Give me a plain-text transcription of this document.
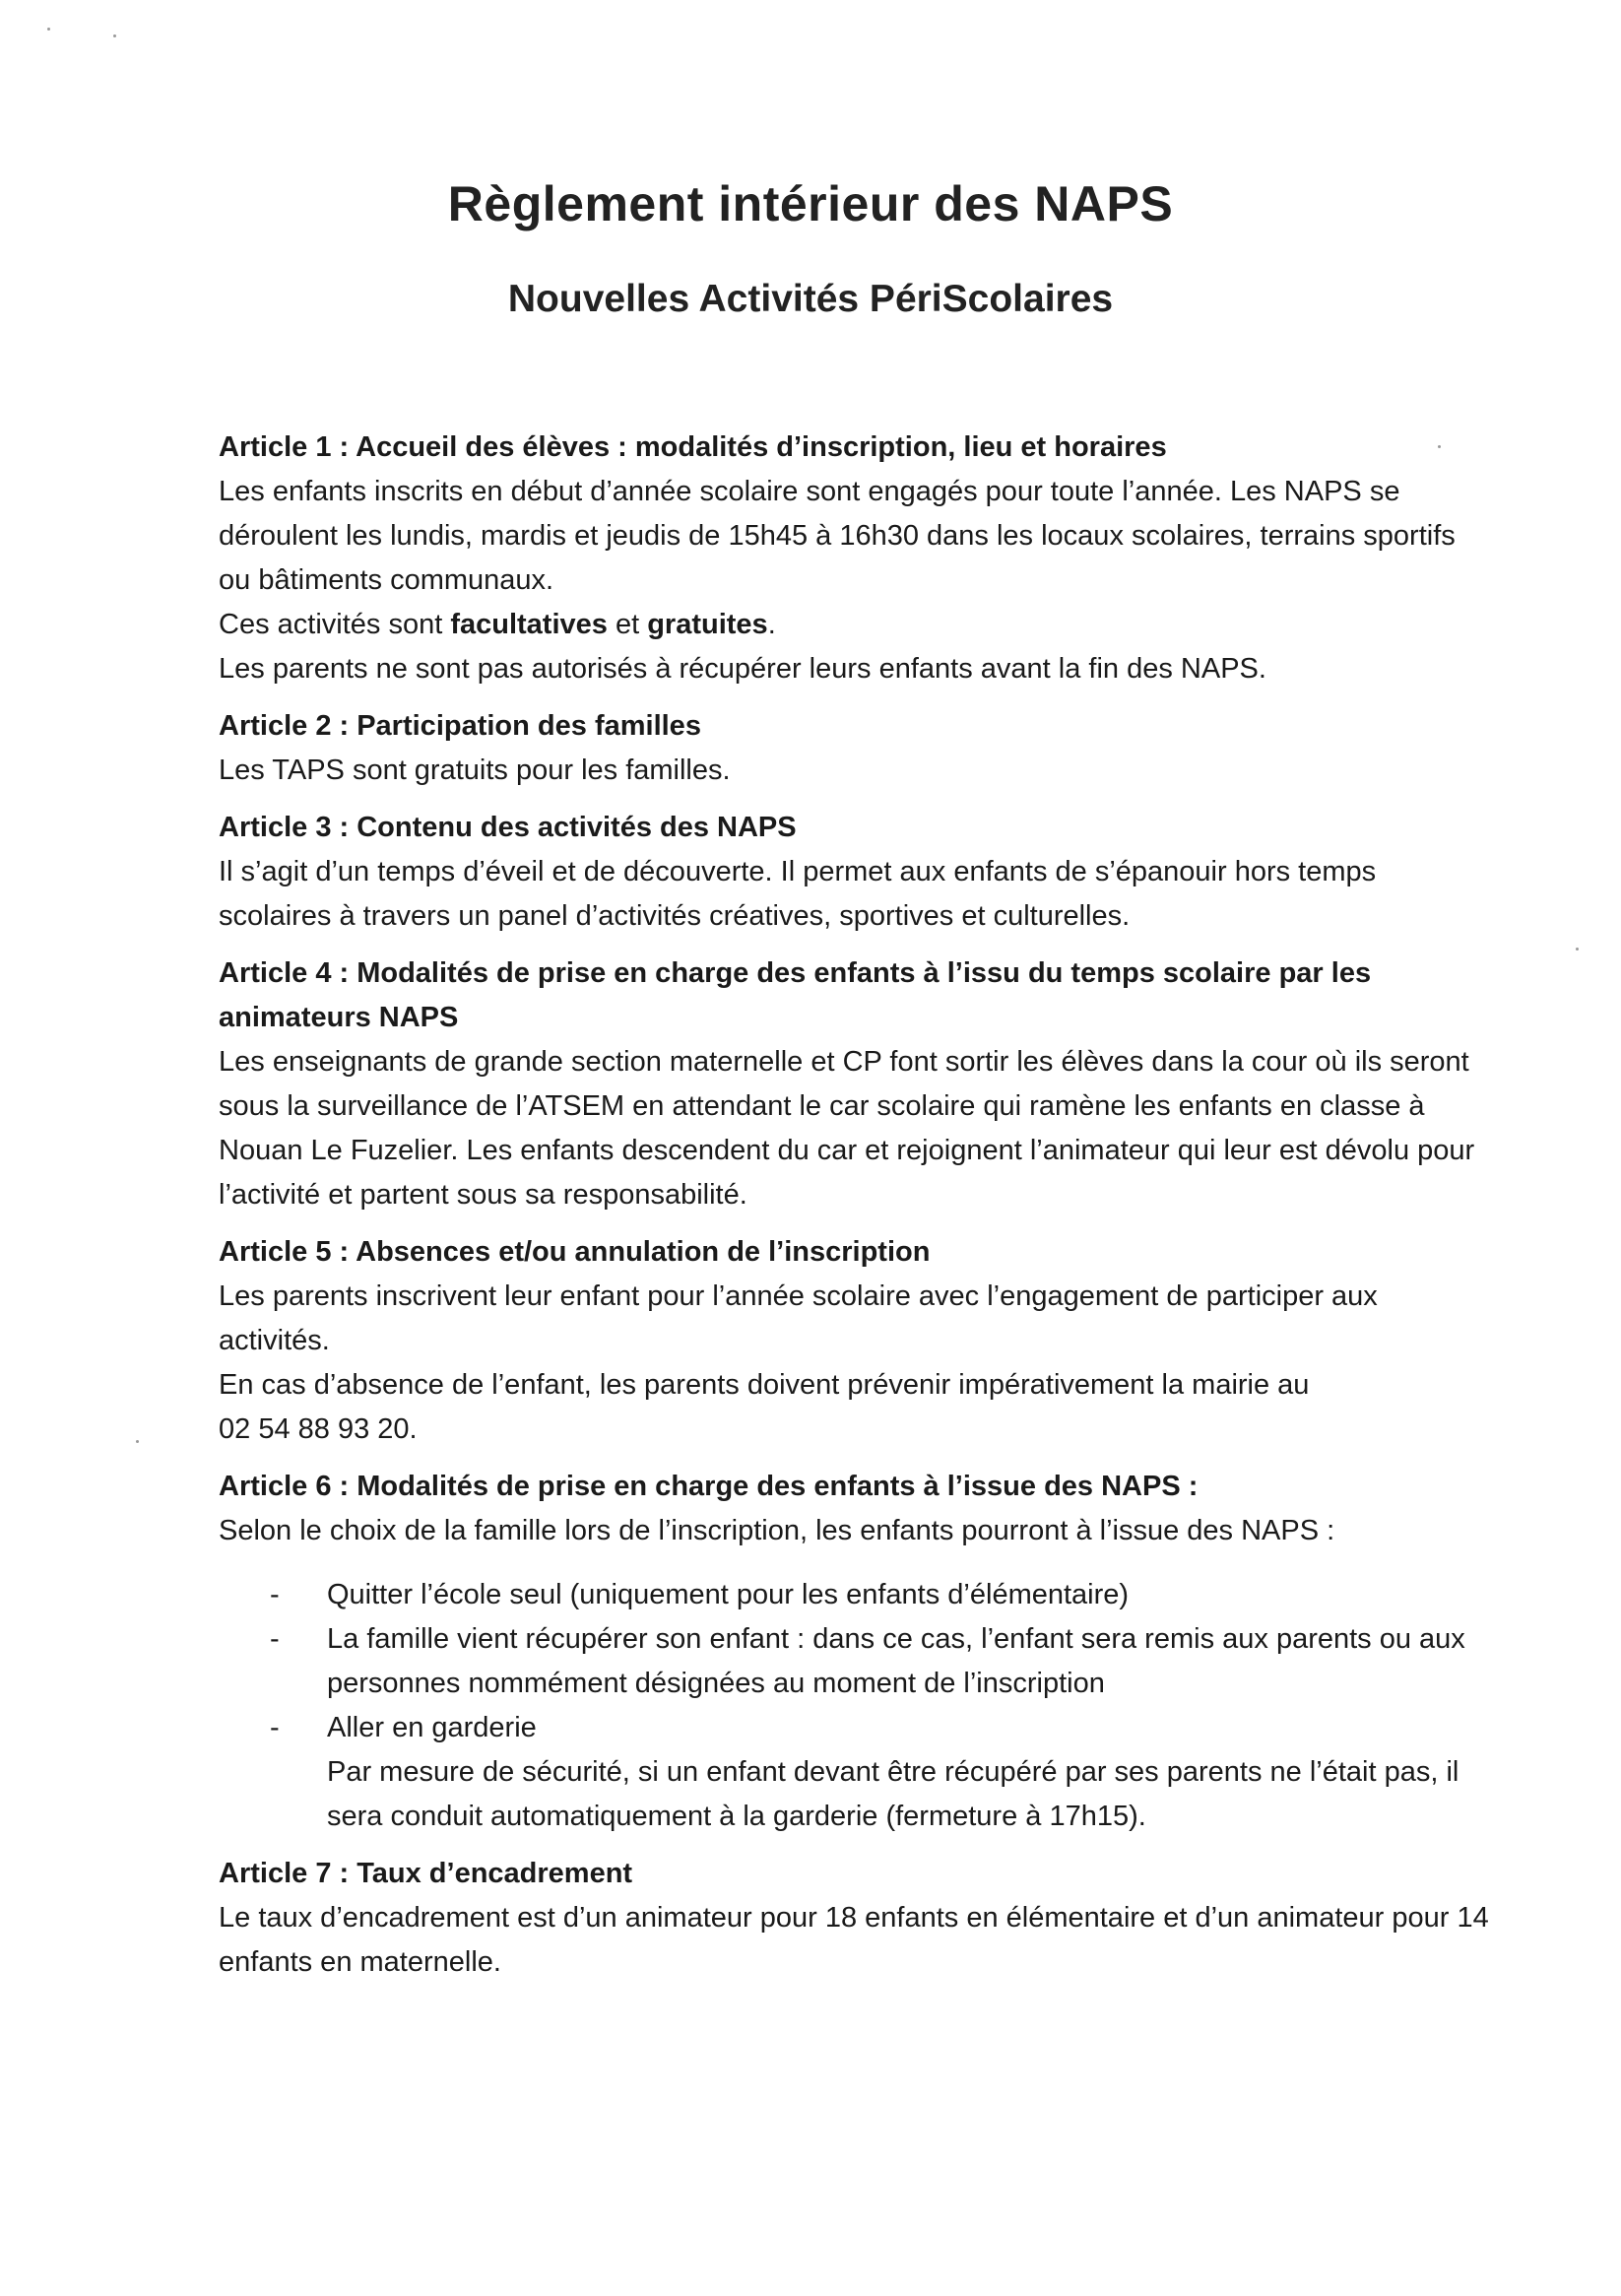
Règlement intérieur des NAPS
Nouvelles Activités PériScolaires
Article 1 : Accueil des élèves : modalités d’inscription, lieu et horaires

Les enfants inscrits en début d’année scolaire sont engagés pour toute l’année. Les NAPS se déroulent les lundis, mardis et jeudis de 15h45 à 16h30 dans les locaux scolaires, terrains sportifs ou bâtiments communaux.

Ces activités sont facultatives et gratuites.

Les parents ne sont pas autorisés à récupérer leurs enfants avant la fin des NAPS.

Article 2 : Participation des familles

Les TAPS sont gratuits pour les familles.

Article 3 : Contenu des activités des NAPS

Il s’agit d’un temps d’éveil et de découverte. Il permet aux enfants de s’épanouir hors temps scolaires à travers un panel d’activités créatives, sportives et culturelles.

Article 4 : Modalités de prise en charge des enfants à l’issu du temps scolaire par les animateurs NAPS

Les enseignants de grande section maternelle et CP font sortir les élèves dans la cour où ils seront sous la surveillance de l’ATSEM en attendant le car scolaire qui ramène les enfants en classe à Nouan Le Fuzelier. Les enfants descendent du car et rejoignent l’animateur qui leur est dévolu pour l’activité et partent sous sa responsabilité.

Article 5 : Absences et/ou annulation de l’inscription

Les parents inscrivent leur enfant pour l’année scolaire avec l’engagement de participer aux activités.

En cas d’absence de l’enfant, les parents doivent prévenir impérativement la mairie au

02 54 88 93 20.

Article 6 : Modalités de prise en charge des enfants à l’issue des NAPS :

Selon le choix de la famille lors de l’inscription, les enfants pourront à l’issue des NAPS :

- Quitter l’école seul (uniquement pour les enfants d’élémentaire)
- La famille vient récupérer son enfant : dans ce cas, l’enfant sera remis aux parents ou aux personnes nommément désignées au moment de l’inscription
- Aller en garderie
Par mesure de sécurité, si un enfant devant être récupéré par ses parents ne l’était pas, il sera conduit automatiquement à la garderie (fermeture à 17h15).
Article 7 : Taux d’encadrement

Le taux d’encadrement est d’un animateur pour 18 enfants en élémentaire et d’un animateur pour 14 enfants en maternelle.
